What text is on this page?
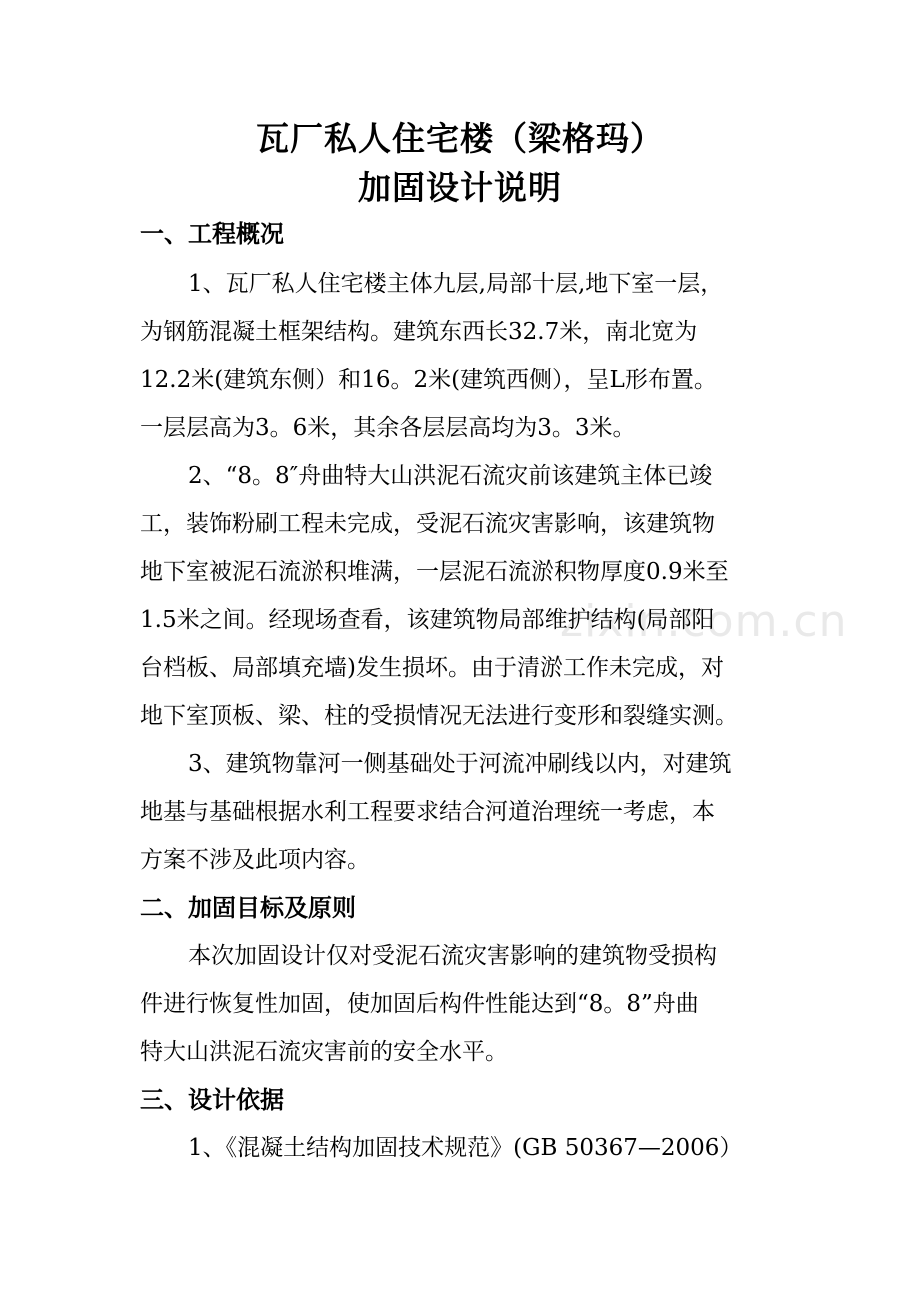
zixin.com.cn
瓦厂私人住宅楼（梁格玛）
加固设计说明
一、工程概况
1、瓦厂私人住宅楼主体九层,局部十层,地下室一层，
为钢筋混凝土框架结构。建筑东西长32.7米，南北宽为
12.2米(建筑东侧）和16。2米(建筑西侧），呈L形布置。
一层层高为3。6米，其余各层层高均为3。3米。
2、“8。8″舟曲特大山洪泥石流灾前该建筑主体已竣
工，装饰粉刷工程未完成，受泥石流灾害影响，该建筑物
地下室被泥石流淤积堆满，一层泥石流淤积物厚度0.9米至
1.5米之间。经现场查看，该建筑物局部维护结构(局部阳
台档板、局部填充墙)发生损坏。由于清淤工作未完成，对
地下室顶板、梁、柱的受损情况无法进行变形和裂缝实测。
3、建筑物靠河一侧基础处于河流冲刷线以内，对建筑
地基与基础根据水利工程要求结合河道治理统一考虑，本
方案不涉及此项内容。
二、加固目标及原则
本次加固设计仅对受泥石流灾害影响的建筑物受损构
件进行恢复性加固，使加固后构件性能达到“8。8”舟曲
特大山洪泥石流灾害前的安全水平。
三、设计依据
1、《混凝土结构加固技术规范》(GB 50367—2006）
